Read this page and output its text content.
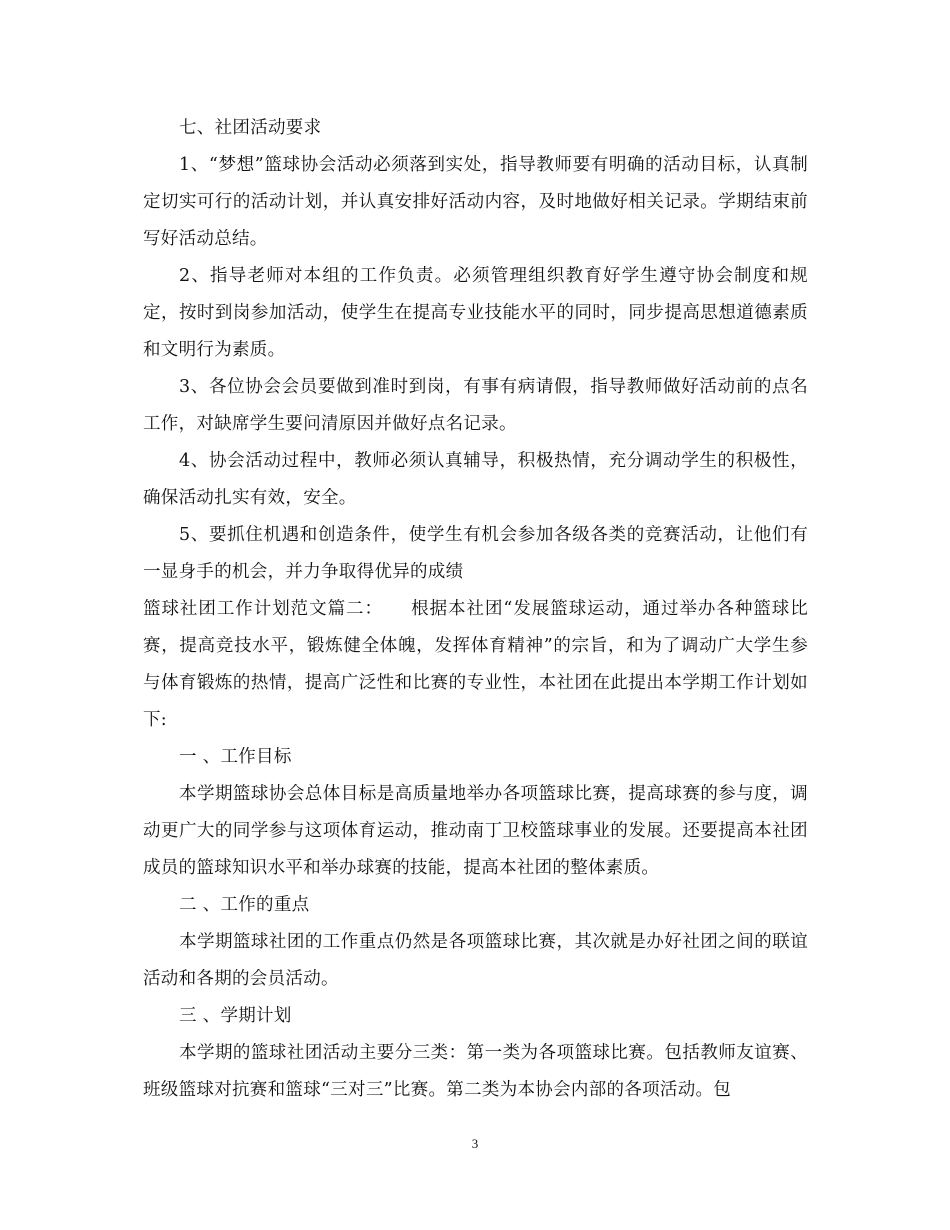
七、社团活动要求

1、“梦想”篮球协会活动必须落到实处，指导教师要有明确的活动目标，认真制定切实可行的活动计划，并认真安排好活动内容，及时地做好相关记录。学期结束前写好活动总结。

2、指导老师对本组的工作负责。必须管理组织教育好学生遵守协会制度和规定，按时到岗参加活动，使学生在提高专业技能水平的同时，同步提高思想道德素质和文明行为素质。

3、各位协会会员要做到准时到岗，有事有病请假，指导教师做好活动前的点名工作，对缺席学生要问清原因并做好点名记录。

4、协会活动过程中，教师必须认真辅导，积极热情，充分调动学生的积极性，确保活动扎实有效，安全。

5、要抓住机遇和创造条件，使学生有机会参加各级各类的竞赛活动，让他们有一显身手的机会，并力争取得优异的成绩

篮球社团工作计划范文篇二：　　根据本社团“发展篮球运动，通过举办各种篮球比赛，提高竞技水平，锻炼健全体魄，发挥体育精神”的宗旨，和为了调动广大学生参与体育锻炼的热情，提高广泛性和比赛的专业性，本社团在此提出本学期工作计划如下:

一 、工作目标

本学期篮球协会总体目标是高质量地举办各项篮球比赛，提高球赛的参与度，调动更广大的同学参与这项体育运动，推动南丁卫校篮球事业的发展。还要提高本社团成员的篮球知识水平和举办球赛的技能，提高本社团的整体素质。

二 、工作的重点

本学期篮球社团的工作重点仍然是各项篮球比赛，其次就是办好社团之间的联谊活动和各期的会员活动。

三 、学期计划

本学期的篮球社团活动主要分三类：第一类为各项篮球比赛。包括教师友谊赛、班级篮球对抗赛和篮球“三对三”比赛。第二类为本协会内部的各项活动。包

3
